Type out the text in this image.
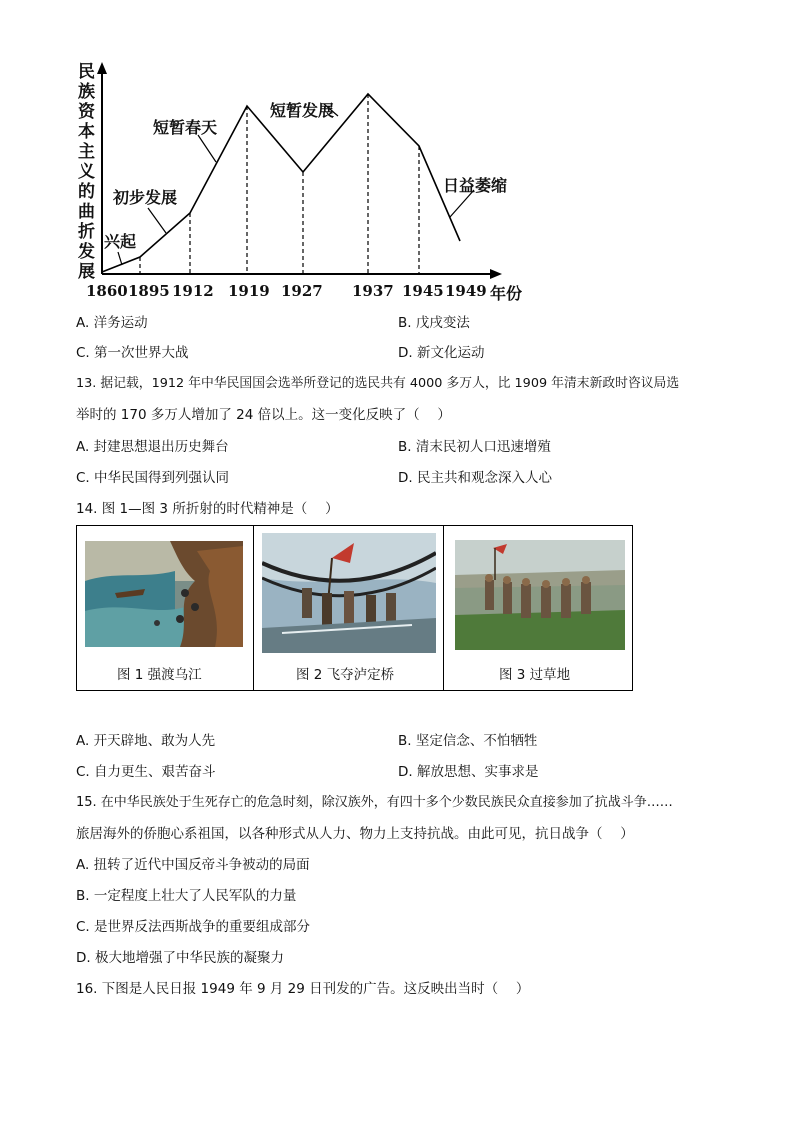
民族资本主义的曲折发展
兴起
初步发展
短暂春天
短暂发展
日益萎缩
1860 1895 1912 1919 1927 1937 1945 1949 年份
A. 洋务运动	B. 戊戌变法
C. 第一次世界大战	D. 新文化运动
13. 据记载，1912 年中华民国国会选举所登记的选民共有 4000 多万人，比 1909 年清末新政时咨议局选
举时的 170 多万人增加了 24 倍以上。这一变化反映了（　 ）
A. 封建思想退出历史舞台	B. 清末民初人口迅速增殖
C. 中华民国得到列强认同	D. 民主共和观念深入人心
14. 图 1—图 3 所折射的时代精神是（　 ）
图 1 强渡乌江	图 2 飞夺泸定桥	图 3 过草地
A. 开天辟地、敢为人先	B. 坚定信念、不怕牺牲
C. 自力更生、艰苦奋斗	D. 解放思想、实事求是
15. 在中华民族处于生死存亡的危急时刻，除汉族外，有四十多个少数民族民众直接参加了抗战斗争……
旅居海外的侨胞心系祖国，以各种形式从人力、物力上支持抗战。由此可见，抗日战争（　 ）
A. 扭转了近代中国反帝斗争被动的局面
B. 一定程度上壮大了人民军队的力量
C. 是世界反法西斯战争的重要组成部分
D. 极大地增强了中华民族的凝聚力
16. 下图是人民日报 1949 年 9 月 29 日刊发的广告。这反映出当时（　 ）
